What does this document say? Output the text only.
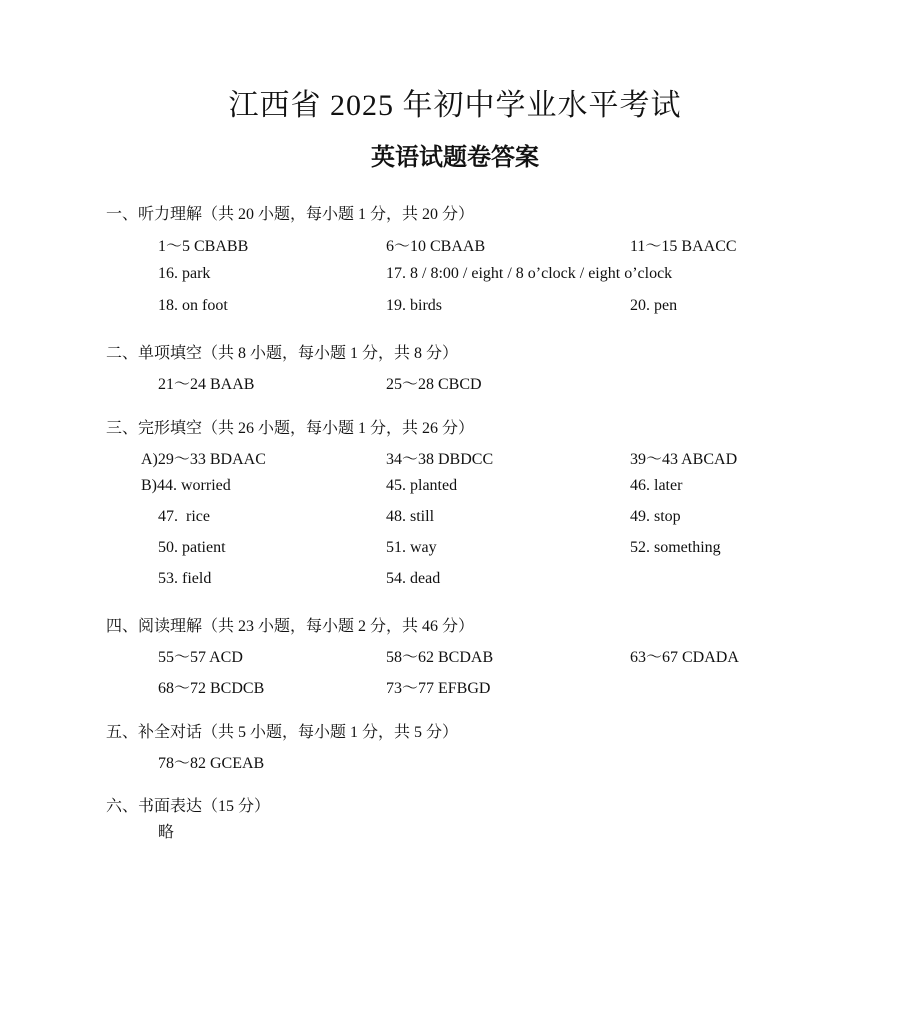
江西省 2025 年初中学业水平考试
英语试题卷答案
一、听力理解（共 20 小题，每小题 1 分，共 20 分）
1～5 CBABB	6～10 CBAAB	11～15 BAACC
16. park	17. 8 / 8:00 / eight / 8 o’clock / eight o’clock
18. on foot	19. birds	20. pen
二、单项填空（共 8 小题，每小题 1 分，共 8 分）
21～24 BAAB	25～28 CBCD
三、完形填空（共 26 小题，每小题 1 分，共 26 分）
A)29～33 BDAAC	34～38 DBDCC	39～43 ABCAD
B)44. worried	45. planted	46. later
47.  rice	48. still	49. stop
50. patient	51. way	52. something
53. field	54. dead
四、阅读理解（共 23 小题，每小题 2 分，共 46 分）
55～57 ACD	58～62 BCDAB	63～67 CDADA
68～72 BCDCB	73～77 EFBGD
五、补全对话（共 5 小题，每小题 1 分，共 5 分）
78～82 GCEAB
六、书面表达（15 分）
略
